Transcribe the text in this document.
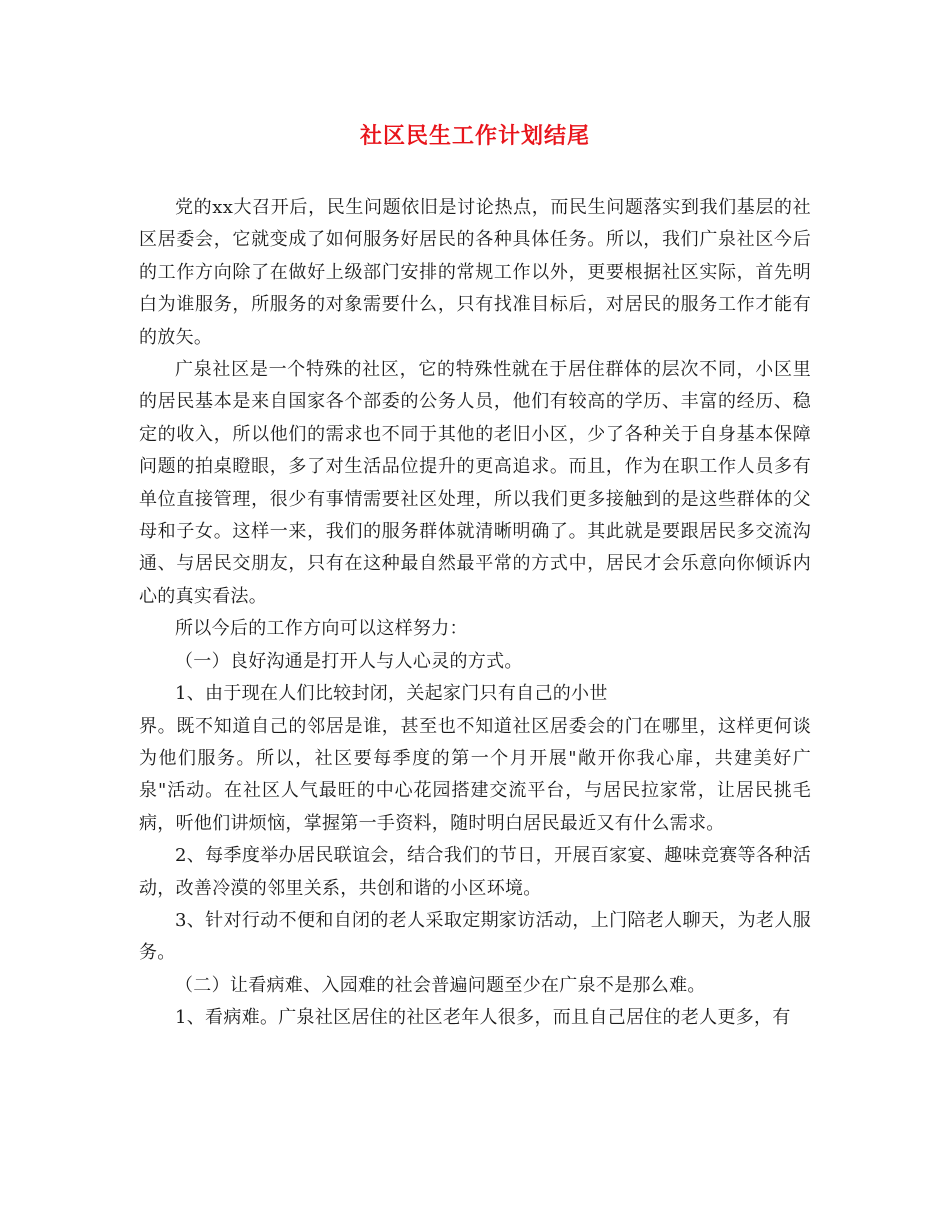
社区民生工作计划结尾

党的xx大召开后，民生问题依旧是讨论热点，而民生问题落实到我们基层的社区居委会，它就变成了如何服务好居民的各种具体任务。所以，我们广泉社区今后的工作方向除了在做好上级部门安排的常规工作以外，更要根据社区实际，首先明白为谁服务，所服务的对象需要什么，只有找准目标后，对居民的服务工作才能有的放矢。

广泉社区是一个特殊的社区，它的特殊性就在于居住群体的层次不同，小区里的居民基本是来自国家各个部委的公务人员，他们有较高的学历、丰富的经历、稳定的收入，所以他们的需求也不同于其他的老旧小区，少了各种关于自身基本保障问题的拍桌瞪眼，多了对生活品位提升的更高追求。而且，作为在职工作人员多有单位直接管理，很少有事情需要社区处理，所以我们更多接触到的是这些群体的父母和子女。这样一来，我们的服务群体就清晰明确了。其此就是要跟居民多交流沟通、与居民交朋友，只有在这种最自然最平常的方式中，居民才会乐意向你倾诉内心的真实看法。

所以今后的工作方向可以这样努力：

（一）良好沟通是打开人与人心灵的方式。

1、由于现在人们比较封闭，关起家门只有自己的小世

界。既不知道自己的邻居是谁，甚至也不知道社区居委会的门在哪里，这样更何谈为他们服务。所以，社区要每季度的第一个月开展"敞开你我心扉，共建美好广泉"活动。在社区人气最旺的中心花园搭建交流平台，与居民拉家常，让居民挑毛病，听他们讲烦恼，掌握第一手资料，随时明白居民最近又有什么需求。

2、每季度举办居民联谊会，结合我们的节日，开展百家宴、趣味竞赛等各种活动，改善冷漠的邻里关系，共创和谐的小区环境。

3、针对行动不便和自闭的老人采取定期家访活动，上门陪老人聊天，为老人服务。

（二）让看病难、入园难的社会普遍问题至少在广泉不是那么难。

1、看病难。广泉社区居住的社区老年人很多，而且自己居住的老人更多，有
